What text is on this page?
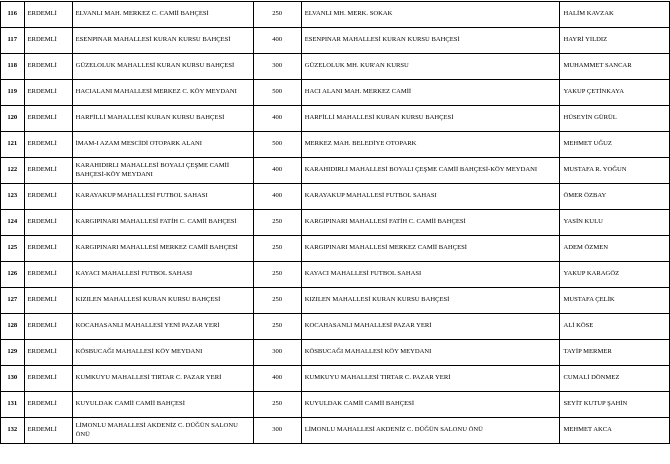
116	ERDEMLİ	ELVANLI MAH. MERKEZ C. CAMİİ BAHÇESİ	250	ELVANLI MH. MERK. SOKAK	HALİM KAVZAK
117	ERDEMLİ	ESENPINAR MAHALLESİ KURAN KURSU BAHÇESİ	400	ESENPINAR MAHALLESİ KURAN KURSU BAHÇESİ	HAYRİ YILDIZ
118	ERDEMLİ	GÜZELOLUK MAHALLESİ KURAN KURSU BAHÇESİ	300	GÜZELOLUK MH. KUR'AN KURSU	MUHAMMET SANCAR
119	ERDEMLİ	HACIALANI MAHALLESİ MERKEZ C. KÖY MEYDANI	500	HACI ALANI MAH. MERKEZ CAMİİ	YAKUP ÇETİNKAYA
120	ERDEMLİ	HARFİLLİ MAHALLESİ KURAN KURSU BAHÇESİ	400	HARFİLLİ MAHALLESİ KURAN KURSU BAHÇESİ	HÜSEYİN GÜRÜL
121	ERDEMLİ	İMAM-I AZAM MESCİDİ OTOPARK ALANI	500	MERKEZ MAH. BELEDİYE OTOPARK	MEHMET UĞUZ
122	ERDEMLİ	KARAHIDIRLI MAHALLESİ BOYALI ÇEŞME CAMİİ BAHÇESİ-KÖY MEYDANI	400	KARAHIDIRLI MAHALLESİ BOYALI ÇEŞME CAMİİ BAHÇESİ-KÖY MEYDANI	MUSTAFA R. YOĞUN
123	ERDEMLİ	KARAYAKUP MAHALLESİ FUTBOL SAHASI	400	KARAYAKUP MAHALLESİ FUTBOL SAHASI	ÖMER ÖZBAY
124	ERDEMLİ	KARGIPINARI MAHALLESİ FATİH C. CAMİİ BAHÇESİ	250	KARGIPINARI MAHALLESİ FATİH C. CAMİİ BAHÇESİ	YASİN KULU
125	ERDEMLİ	KARGIPINARI MAHALLESİ MERKEZ CAMİİ BAHÇESİ	250	KARGIPINARI MAHALLESİ MERKEZ CAMİİ BAHÇESİ	ADEM ÖZMEN
126	ERDEMLİ	KAYACI MAHALLESİ FUTBOL SAHASI	250	KAYACI MAHALLESİ FUTBOL SAHASI	YAKUP KARAGÖZ
127	ERDEMLİ	KIZILEN MAHALLESİ KURAN KURSU BAHÇESİ	250	KIZILEN MAHALLESİ KURAN KURSU BAHÇESİ	MUSTAFA ÇELİK
128	ERDEMLİ	KOCAHASANLI MAHALLESİ YENİ PAZAR YERİ	250	KOCAHASANLI MAHALLESİ PAZAR YERİ	ALİ KÖSE
129	ERDEMLİ	KÖSBUCAĞI MAHALLESİ KÖY MEYDANI	300	KÖSBUCAĞI MAHALLESİ KÖY MEYDANI	TAYİP MERMER
130	ERDEMLİ	KUMKUYU MAHALLESİ TIRTAR C. PAZAR YERİ	400	KUMKUYU MAHALLESİ TIRTAR C. PAZAR YERİ	CUMALİ DÖNMEZ
131	ERDEMLİ	KUYULDAK CAMİİ CAMİİ BAHÇESİ	250	KUYULDAK CAMİİ CAMİİ BAHÇESİ	SEYİT KUTUP ŞAHİN
132	ERDEMLİ	LİMONLU MAHALLESİ AKDENİZ C. DÜĞÜN SALONU ÖNÜ	300	LİMONLU MAHALLESİ AKDENİZ C. DÜĞÜN SALONU ÖNÜ	MEHMET AKCA
